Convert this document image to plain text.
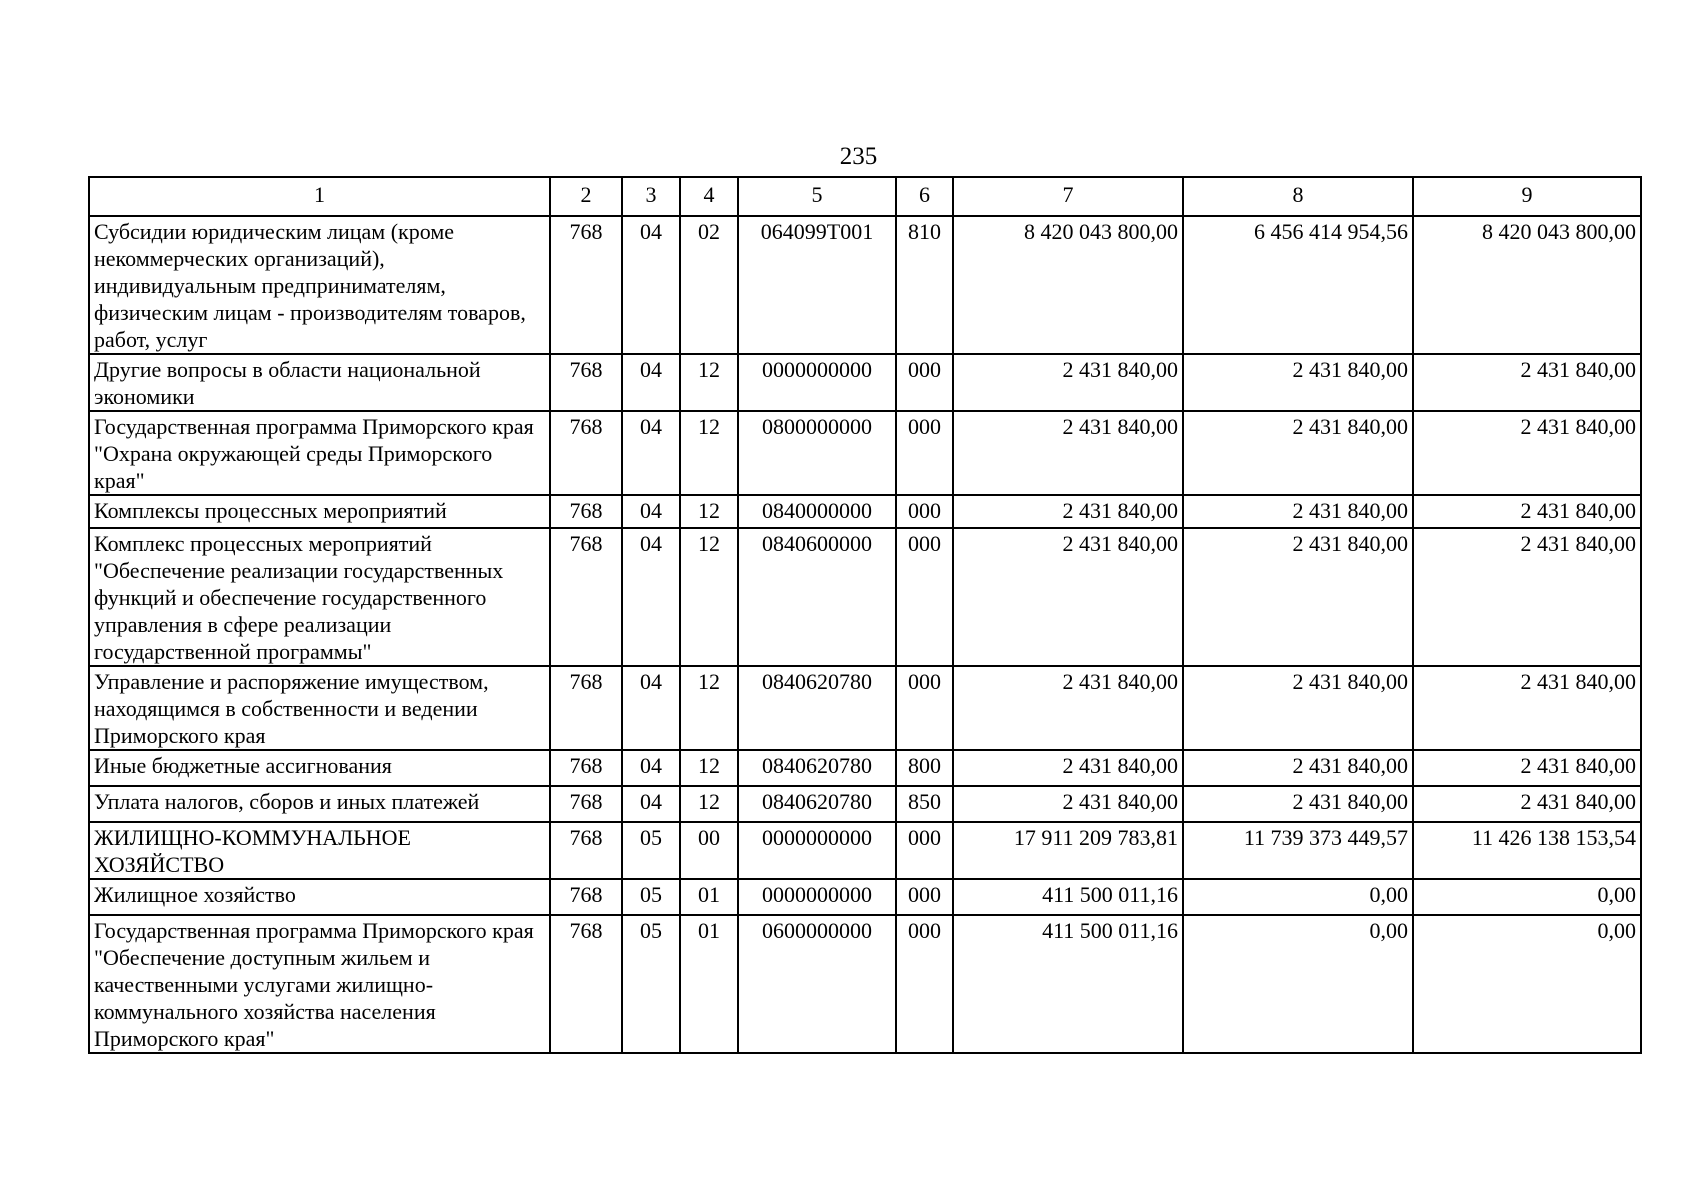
235
1	2	3	4	5	6	7	8	9
Субсидии юридическим лицам (кроме некоммерческих организаций), индивидуальным предпринимателям, физическим лицам - производителям товаров, работ, услуг	768	04	02	064099Т001	810	8 420 043 800,00	6 456 414 954,56	8 420 043 800,00
Другие вопросы в области национальной экономики	768	04	12	0000000000	000	2 431 840,00	2 431 840,00	2 431 840,00
Государственная программа Приморского края "Охрана окружающей среды Приморского края"	768	04	12	0800000000	000	2 431 840,00	2 431 840,00	2 431 840,00
Комплексы процессных мероприятий	768	04	12	0840000000	000	2 431 840,00	2 431 840,00	2 431 840,00
Комплекс процессных мероприятий "Обеспечение реализации государственных функций и обеспечение государственного управления в сфере реализации государственной программы"	768	04	12	0840600000	000	2 431 840,00	2 431 840,00	2 431 840,00
Управление и распоряжение имуществом, находящимся в собственности и ведении Приморского края	768	04	12	0840620780	000	2 431 840,00	2 431 840,00	2 431 840,00
Иные бюджетные ассигнования	768	04	12	0840620780	800	2 431 840,00	2 431 840,00	2 431 840,00
Уплата налогов, сборов и иных платежей	768	04	12	0840620780	850	2 431 840,00	2 431 840,00	2 431 840,00
ЖИЛИЩНО-КОММУНАЛЬНОЕ ХОЗЯЙСТВО	768	05	00	0000000000	000	17 911 209 783,81	11 739 373 449,57	11 426 138 153,54
Жилищное хозяйство	768	05	01	0000000000	000	411 500 011,16	0,00	0,00
Государственная программа Приморского края "Обеспечение доступным жильем и качественными услугами жилищно-коммунального хозяйства населения Приморского края"	768	05	01	0600000000	000	411 500 011,16	0,00	0,00
